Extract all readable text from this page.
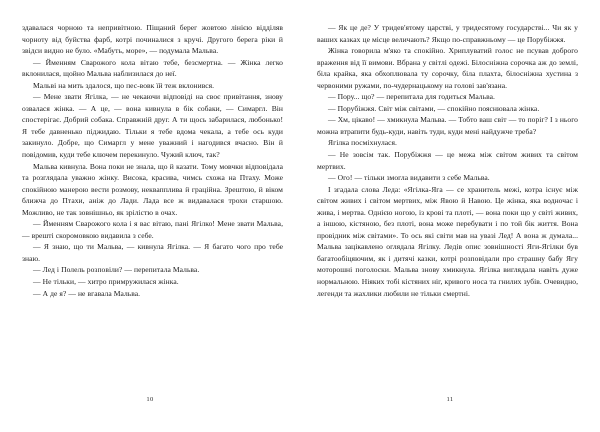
здавалася чорною та непривітною. Піщаний берег жовтою лінією відділяв чорноту від буйства фарб, котрі починалися з кручі. Другого берега ріки й звідси видно не було. «Мабуть, море», — подумала Мальва.

— Йменням Сварожого кола вітаю тебе, безсмертна. — Жінка легко вклонилася, щойно Мальва наблизилася до неї.

Мальві на мить здалося, що пес-вовк їй теж вклонився.

— Мене звати Ягілка, — не чекаючи відповіді на своє привітання, знову озвалася жінка. — А це, — вона кивнула в бік собаки, — Симаргл. Він спостерігає. Добрий собака. Справжній друг. А ти щось забарилася, любонько! Я тебе давненько піджидаю. Тільки я тебе вдома чекала, а тебе ось куди закинуло. Добре, що Симаргл у мене уважний і нагодився вчасно. Він й повідомив, куди тебе ключем перекинуло. Чужий ключ, так?

Мальва кивнула. Вона поки не знала, що й казати. Тому мовчки відповідала та розглядала уважно жінку. Висока, красива, чимсь схожа на Птаху. Може спокійною манерою вести розмову, неквапплива й граційна. Зрештою, й віком ближча до Птахи, аніж до Лади. Лада все ж видавалася трохи старшою. Можливо, не так зовнішньо, як зрілістю в очах.

— Йменням Сварожого кола і я вас вітаю, пані Ягілко! Мене звати Мальва, — врешті скоромовкою видавила з себе.

— Я знаю, що ти Мальва, — кивнула Ягілка. — Я багато чого про тебе знаю.

— Лед і Полель розповіли? — перепитала Мальва.

— Не тільки, — хитро примружилася жінка.

— А де я? — не вгавала Мальва.

10

— Як це де? У тридев'ятому царстві, у тридесятому государстві... Чи як у ваших казках це місце величають? Якщо по-справжньому — це Порубіжжя.

Жінка говорила м'яко та спокійно. Хриплуватий голос не псував доброго враження від її вимови. Вбрана у світлі одежі. Білосніжна сорочка аж до землі, біла крайка, яка обхоплювала ту сорочку, біла плахта, білосніжна хустина з червоними ружами, по-чудернацькому на голові зав'язана.

— Пору... що? — перепитала для годиться Мальва.

— Порубіжжя. Світ між світами, — спокійно пояснювала жінка.

— Хм, цікаво! — хмикнула Мальва. — Тобто ваш світ — то поріг? І з нього можна втрапити будь-куди, навіть туди, куди мені найдужче треба?

Ягілка посміхнулася.

— Не зовсім так. Порубіжжя — це межа між світом живих та світом мертвих.

— Ого! — тільки змогла видавити з себе Мальва.

І згадала слова Леда: «Ягілка-Яга — се хранитель межі, котра існує між світом живих і світом мертвих, між Явою й Навою. Це жінка, яка водночас і жива, і мертва. Однією ногою, із крові та плоті, — вона поки що у світі живих, а іншою, кістяною, без плоті, вона може перебувати і по той бік життя. Вона провідник між світами». То ось які світи мав на увазі Лед! А вона ж думала... Мальва зацікавлено оглядала Ягілку. Ледів опис зовнішності Яги-Ягілки був багатообіцяючим, як і дитячі казки, котрі розповідали про страшну бабу Ягу моторошні поголоски. Мальва знову хмикнула. Ягілка виглядала навіть дуже нормальною. Ніяких тобі кістяних ніг, кривого носа та гнилих зубів. Очевидно, легенди та жахлики любили не тільки смертні.

11
